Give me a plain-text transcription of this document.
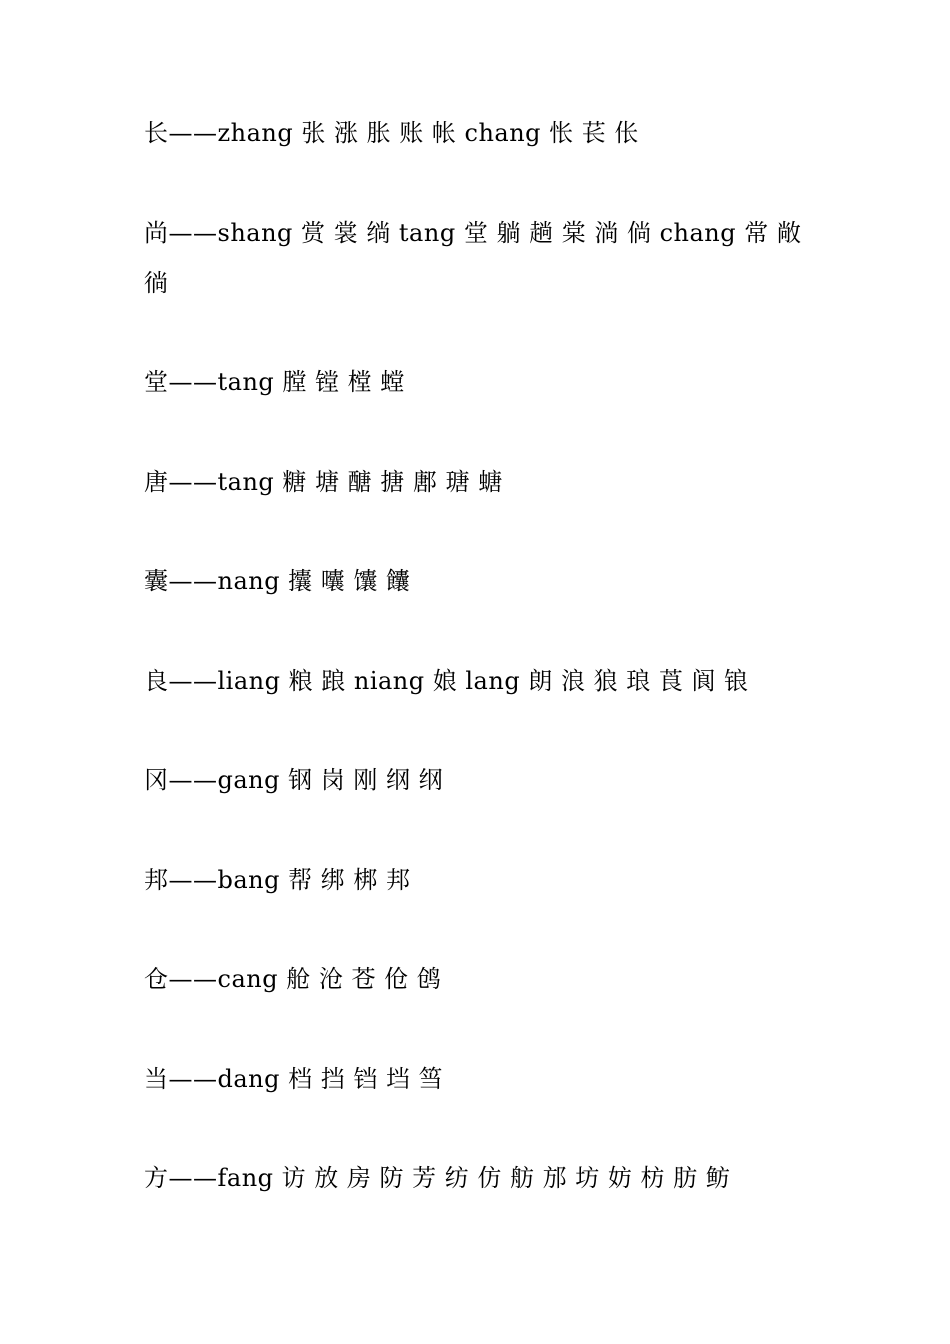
长——zhang 张 涨 胀 账 帐 chang 怅 苌 伥
尚——shang 赏 裳 绱 tang 堂 躺 趟 棠 淌 倘 chang 常 敞 徜
堂——tang 膛 镗 樘 螳
唐——tang 糖 塘 醣 搪 鄌 瑭 螗
囊——nang 攮 囔 馕 饢
良——liang 粮 踉 niang 娘 lang 朗 浪 狼 琅 莨 阆 锒
冈——gang 钢 岗 刚 纲 纲
邦——bang 帮 绑 梆 邦
仓——cang 舱 沧 苍 伧 鸧
当——dang 档 挡 铛 垱 筜
方——fang 访 放 房 防 芳 纺 仿 舫 邡 坊 妨 枋 肪 鲂
